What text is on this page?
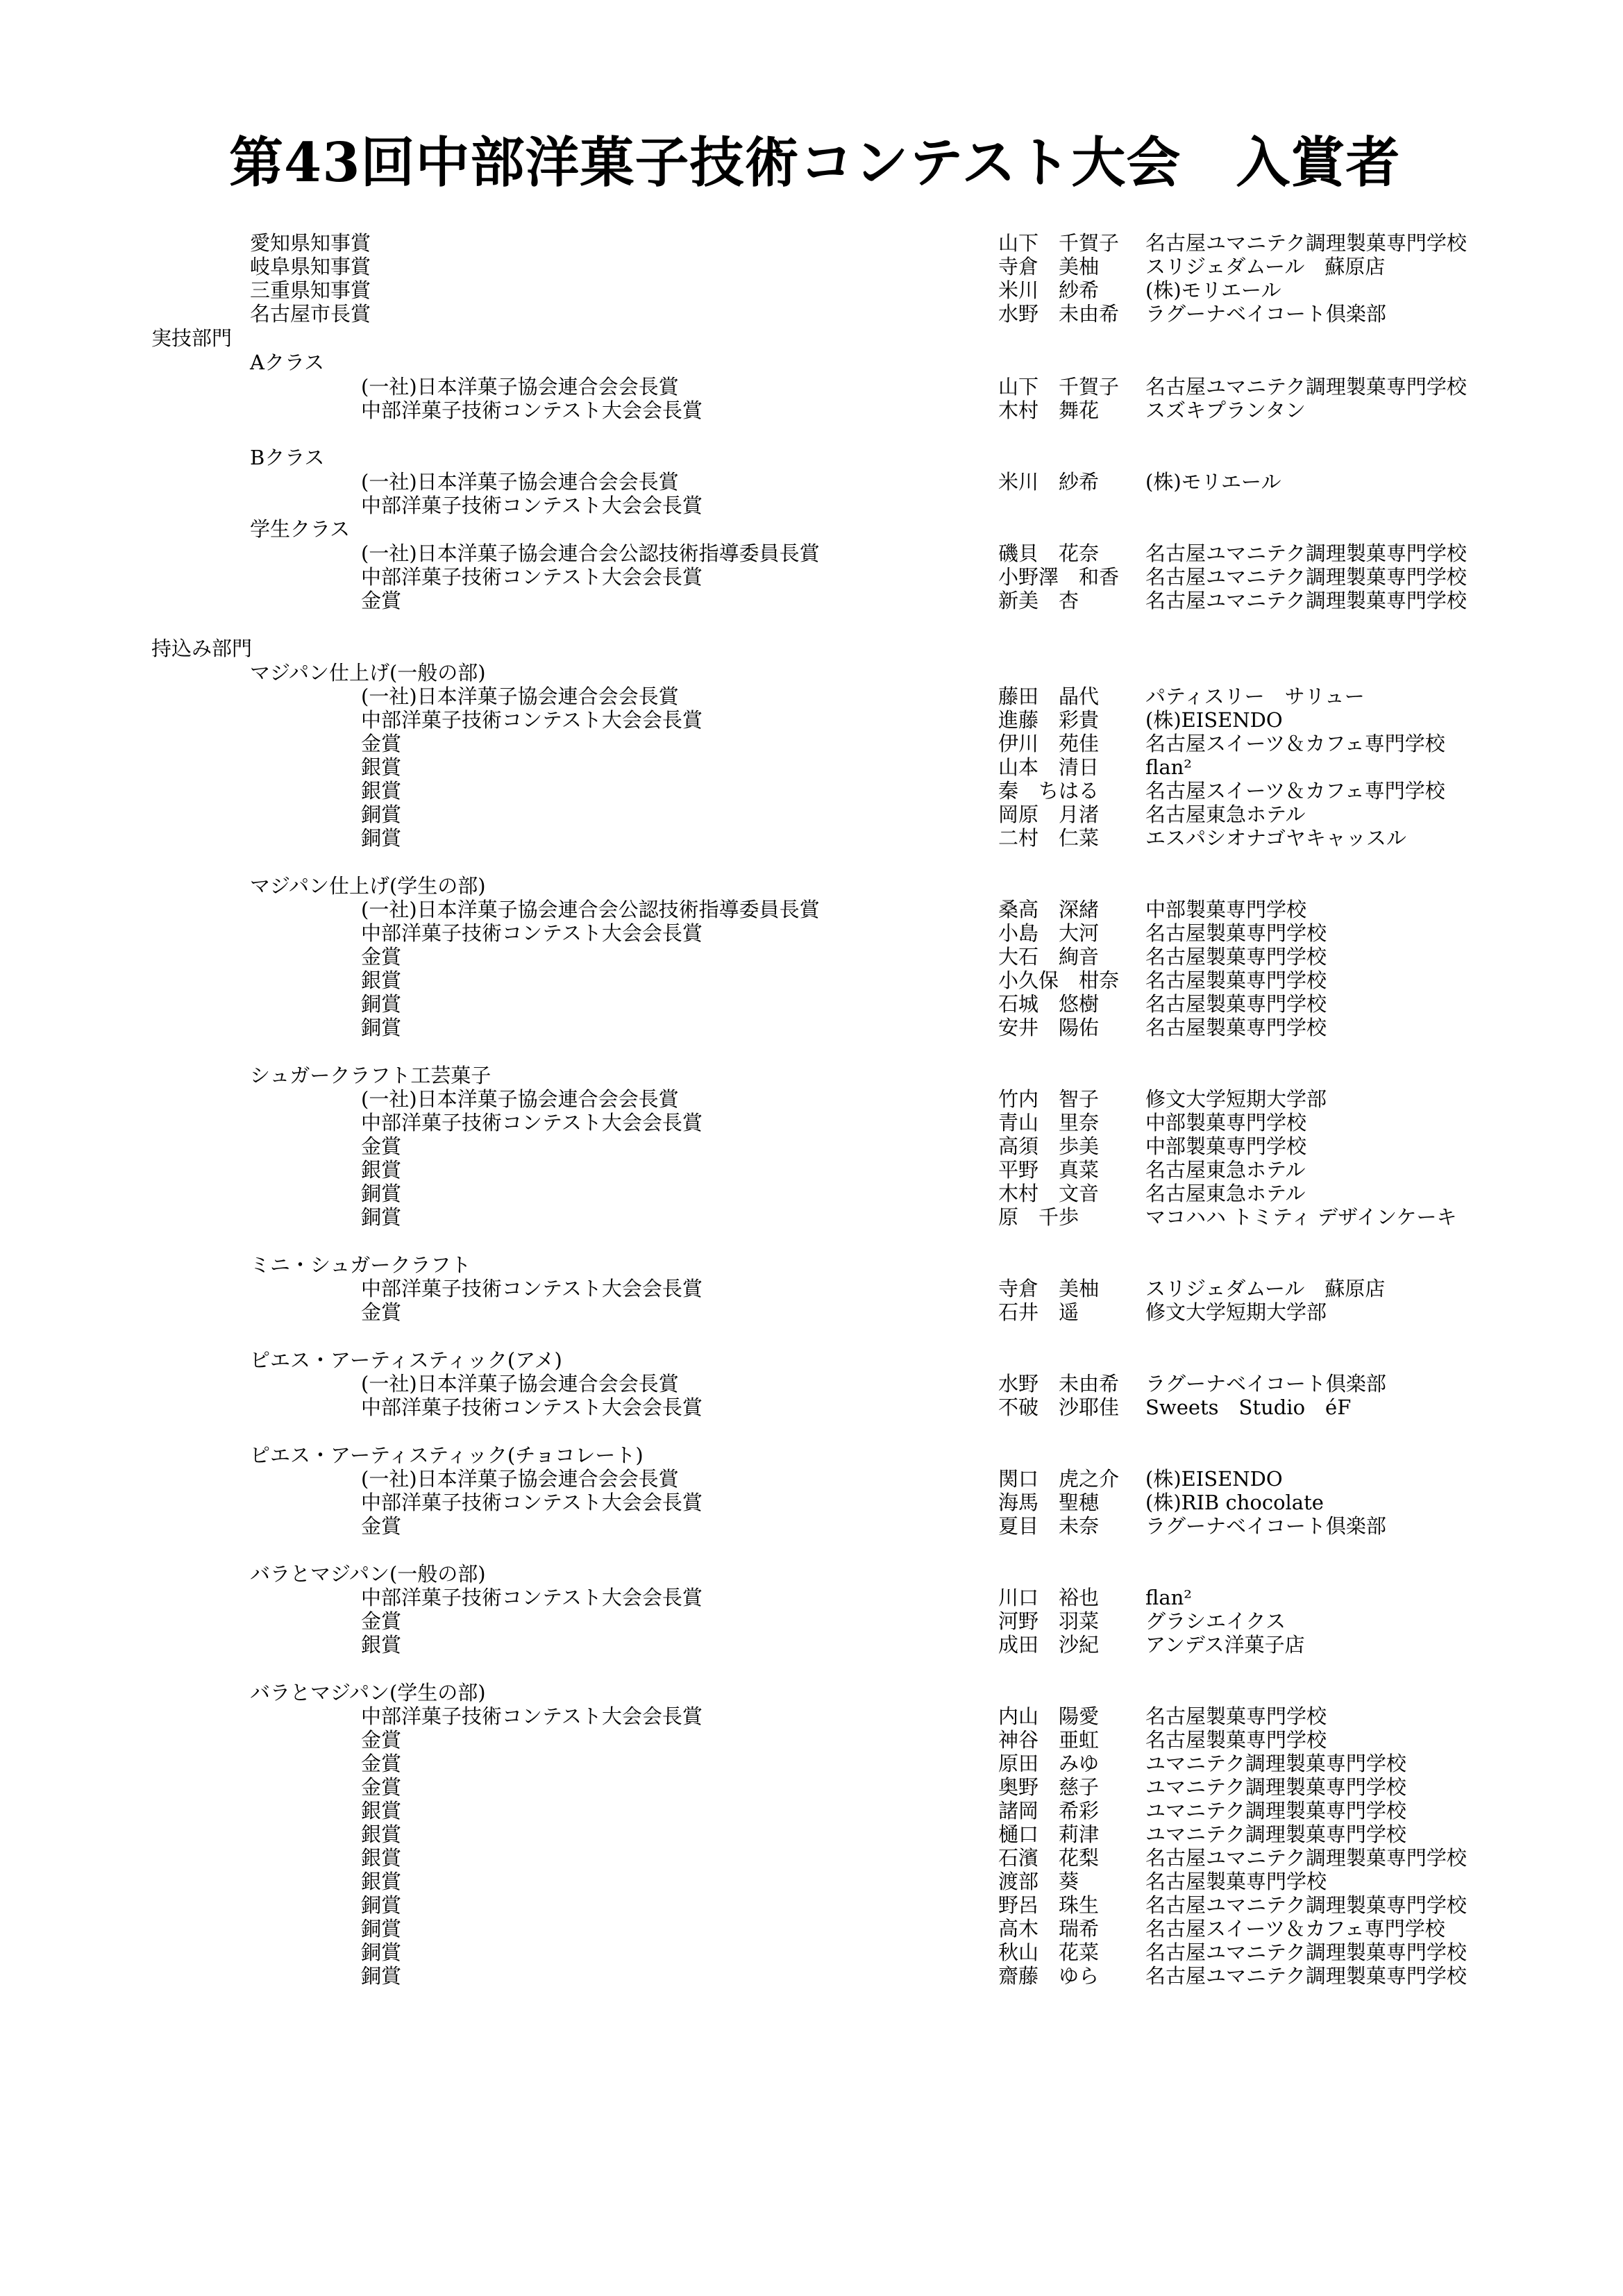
第43回中部洋菓子技術コンテスト大会　入賞者
愛知県知事賞	山下　千賀子 名古屋ユマニテク調理製菓専門学校
岐阜県知事賞	寺倉　美柚 スリジェダムール　蘇原店
三重県知事賞	米川　紗希 (株)モリエール
名古屋市長賞	水野　未由希 ラグーナベイコート倶楽部
実技部門
Aクラス
(一社)日本洋菓子協会連合会会長賞	山下　千賀子 名古屋ユマニテク調理製菓専門学校
中部洋菓子技術コンテスト大会会長賞	木村　舞花 スズキプランタン
Bクラス
(一社)日本洋菓子協会連合会会長賞	米川　紗希 (株)モリエール
中部洋菓子技術コンテスト大会会長賞
学生クラス
(一社)日本洋菓子協会連合会公認技術指導委員長賞	磯貝　花奈 名古屋ユマニテク調理製菓専門学校
中部洋菓子技術コンテスト大会会長賞	小野澤　和香 名古屋ユマニテク調理製菓専門学校
金賞	新美　杏	名古屋ユマニテク調理製菓専門学校
持込み部門
マジパン仕上げ(一般の部)
(一社)日本洋菓子協会連合会会長賞	藤田　晶代 パティスリー　サリュー
中部洋菓子技術コンテスト大会会長賞	進藤　彩貴 (株)EISENDO
金賞	伊川　苑佳 名古屋スイーツ＆カフェ専門学校
銀賞	山本　清日 flan²
銀賞	秦　ちはる 名古屋スイーツ＆カフェ専門学校
銅賞	岡原　月渚 名古屋東急ホテル
銅賞	二村　仁菜 エスパシオナゴヤキャッスル
マジパン仕上げ(学生の部)
(一社)日本洋菓子協会連合会公認技術指導委員長賞	桑高　深緒 中部製菓専門学校
中部洋菓子技術コンテスト大会会長賞	小島　大河 名古屋製菓専門学校
金賞	大石　絢音 名古屋製菓専門学校
銀賞	小久保　柑奈 名古屋製菓専門学校
銅賞	石城　悠樹 名古屋製菓専門学校
銅賞	安井　陽佑 名古屋製菓専門学校
シュガークラフト工芸菓子
(一社)日本洋菓子協会連合会会長賞	竹内　智子 修文大学短期大学部
中部洋菓子技術コンテスト大会会長賞	青山　里奈 中部製菓専門学校
金賞	高須　歩美 中部製菓専門学校
銀賞	平野　真菜 名古屋東急ホテル
銅賞	木村　文音 名古屋東急ホテル
銅賞	原　千歩	マコハハ トミティ デザインケーキ
ミニ・シュガークラフト
中部洋菓子技術コンテスト大会会長賞	寺倉　美柚 スリジェダムール　蘇原店
金賞	石井　遥	修文大学短期大学部
ピエス・アーティスティック(アメ)
(一社)日本洋菓子協会連合会会長賞	水野　未由希 ラグーナベイコート倶楽部
中部洋菓子技術コンテスト大会会長賞	不破　沙耶佳 Sweets　Studio　éF
ピエス・アーティスティック(チョコレート)
(一社)日本洋菓子協会連合会会長賞	関口　虎之介 (株)EISENDO
中部洋菓子技術コンテスト大会会長賞	海馬　聖穂 (株)RIB chocolate
金賞	夏目　未奈 ラグーナベイコート倶楽部
バラとマジパン(一般の部)
中部洋菓子技術コンテスト大会会長賞	川口　裕也 flan²
金賞	河野　羽菜 グラシエイクス
銀賞	成田　沙紀 アンデス洋菓子店
バラとマジパン(学生の部)
中部洋菓子技術コンテスト大会会長賞	内山　陽愛 名古屋製菓専門学校
金賞	神谷　亜虹 名古屋製菓専門学校
金賞	原田　みゆ ユマニテク調理製菓専門学校
金賞	奥野　慈子 ユマニテク調理製菓専門学校
銀賞	諸岡　希彩 ユマニテク調理製菓専門学校
銀賞	樋口　莉津 ユマニテク調理製菓専門学校
銀賞	石濱　花梨 名古屋ユマニテク調理製菓専門学校
銀賞	渡部　葵	名古屋製菓専門学校
銅賞	野呂　珠生 名古屋ユマニテク調理製菓専門学校
銅賞	高木　瑞希 名古屋スイーツ＆カフェ専門学校
銅賞	秋山　花菜 名古屋ユマニテク調理製菓専門学校
銅賞	齋藤　ゆら 名古屋ユマニテク調理製菓専門学校
